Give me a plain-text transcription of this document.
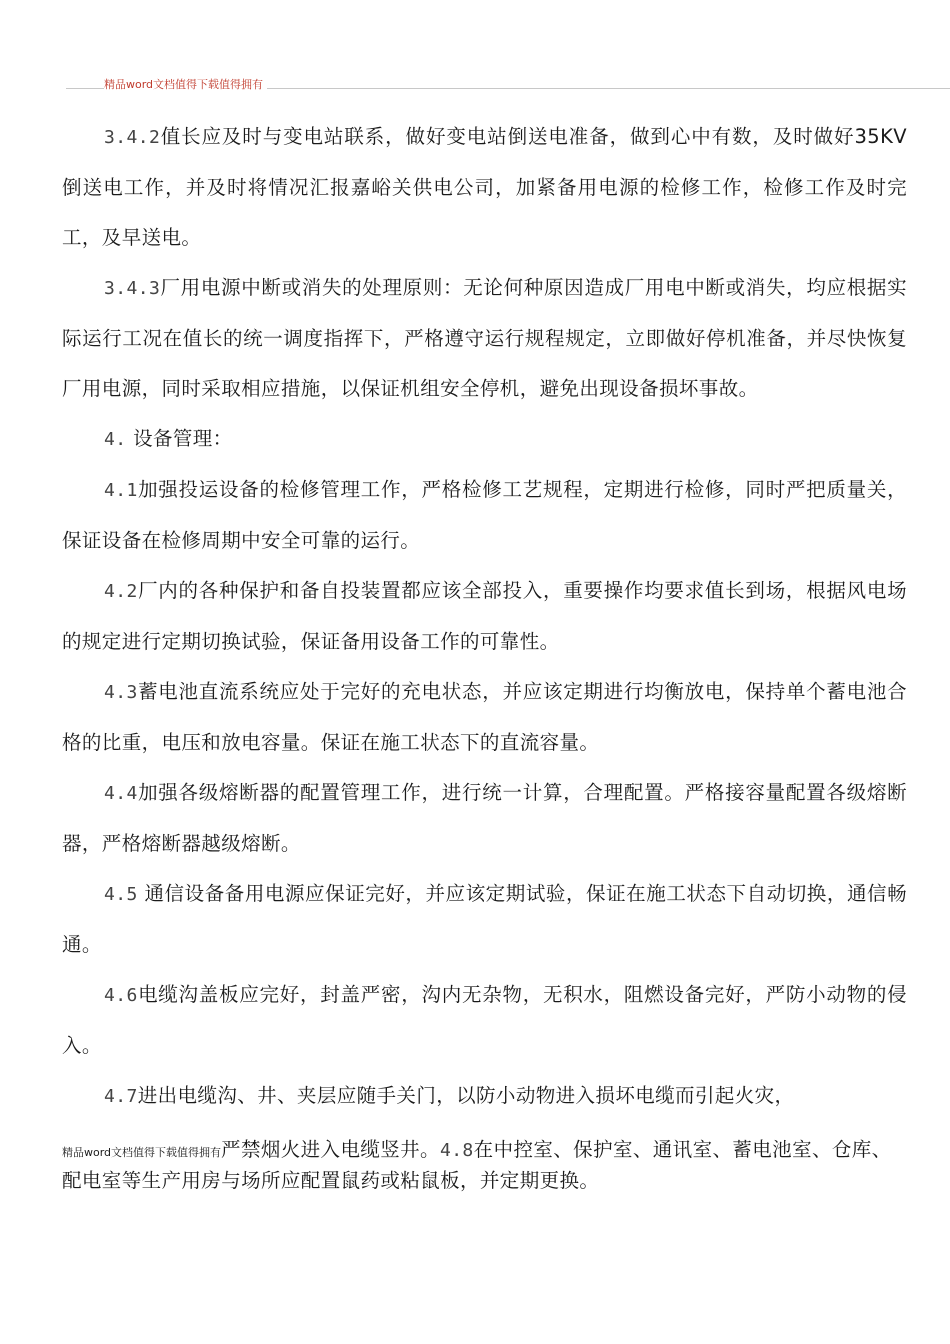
精品word文档值得下载值得拥有

3.4.2值长应及时与变电站联系，做好变电站倒送电准备，做到心中有数，及时做好35KV倒送电工作，并及时将情况汇报嘉峪关供电公司，加紧备用电源的检修工作，检修工作及时完工，及早送电。

3.4.3厂用电源中断或消失的处理原则：无论何种原因造成厂用电中断或消失，均应根据实际运行工况在值长的统一调度指挥下，严格遵守运行规程规定，立即做好停机准备，并尽快恢复厂用电源，同时采取相应措施，以保证机组安全停机，避免出现设备损坏事故。

4. 设备管理：

4.1加强投运设备的检修管理工作，严格检修工艺规程，定期进行检修，同时严把质量关，保证设备在检修周期中安全可靠的运行。

4.2厂内的各种保护和备自投装置都应该全部投入，重要操作均要求值长到场，根据风电场的规定进行定期切换试验，保证备用设备工作的可靠性。

4.3蓄电池直流系统应处于完好的充电状态，并应该定期进行均衡放电，保持单个蓄电池合格的比重，电压和放电容量。保证在施工状态下的直流容量。

4.4加强各级熔断器的配置管理工作，进行统一计算，合理配置。严格接容量配置各级熔断器，严格熔断器越级熔断。

4.5 通信设备备用电源应保证完好，并应该定期试验，保证在施工状态下自动切换，通信畅通。

4.6电缆沟盖板应完好，封盖严密，沟内无杂物，无积水，阻燃设备完好，严防小动物的侵入。

4.7进出电缆沟、井、夹层应随手关门，以防小动物进入损坏电缆而引起火灾，

精品word文档值得下载值得拥有严禁烟火进入电缆竖井。4.8在中控室、保护室、通讯室、蓄电池室、仓库、配电室等生产用房与场所应配置鼠药或粘鼠板，并定期更换。
